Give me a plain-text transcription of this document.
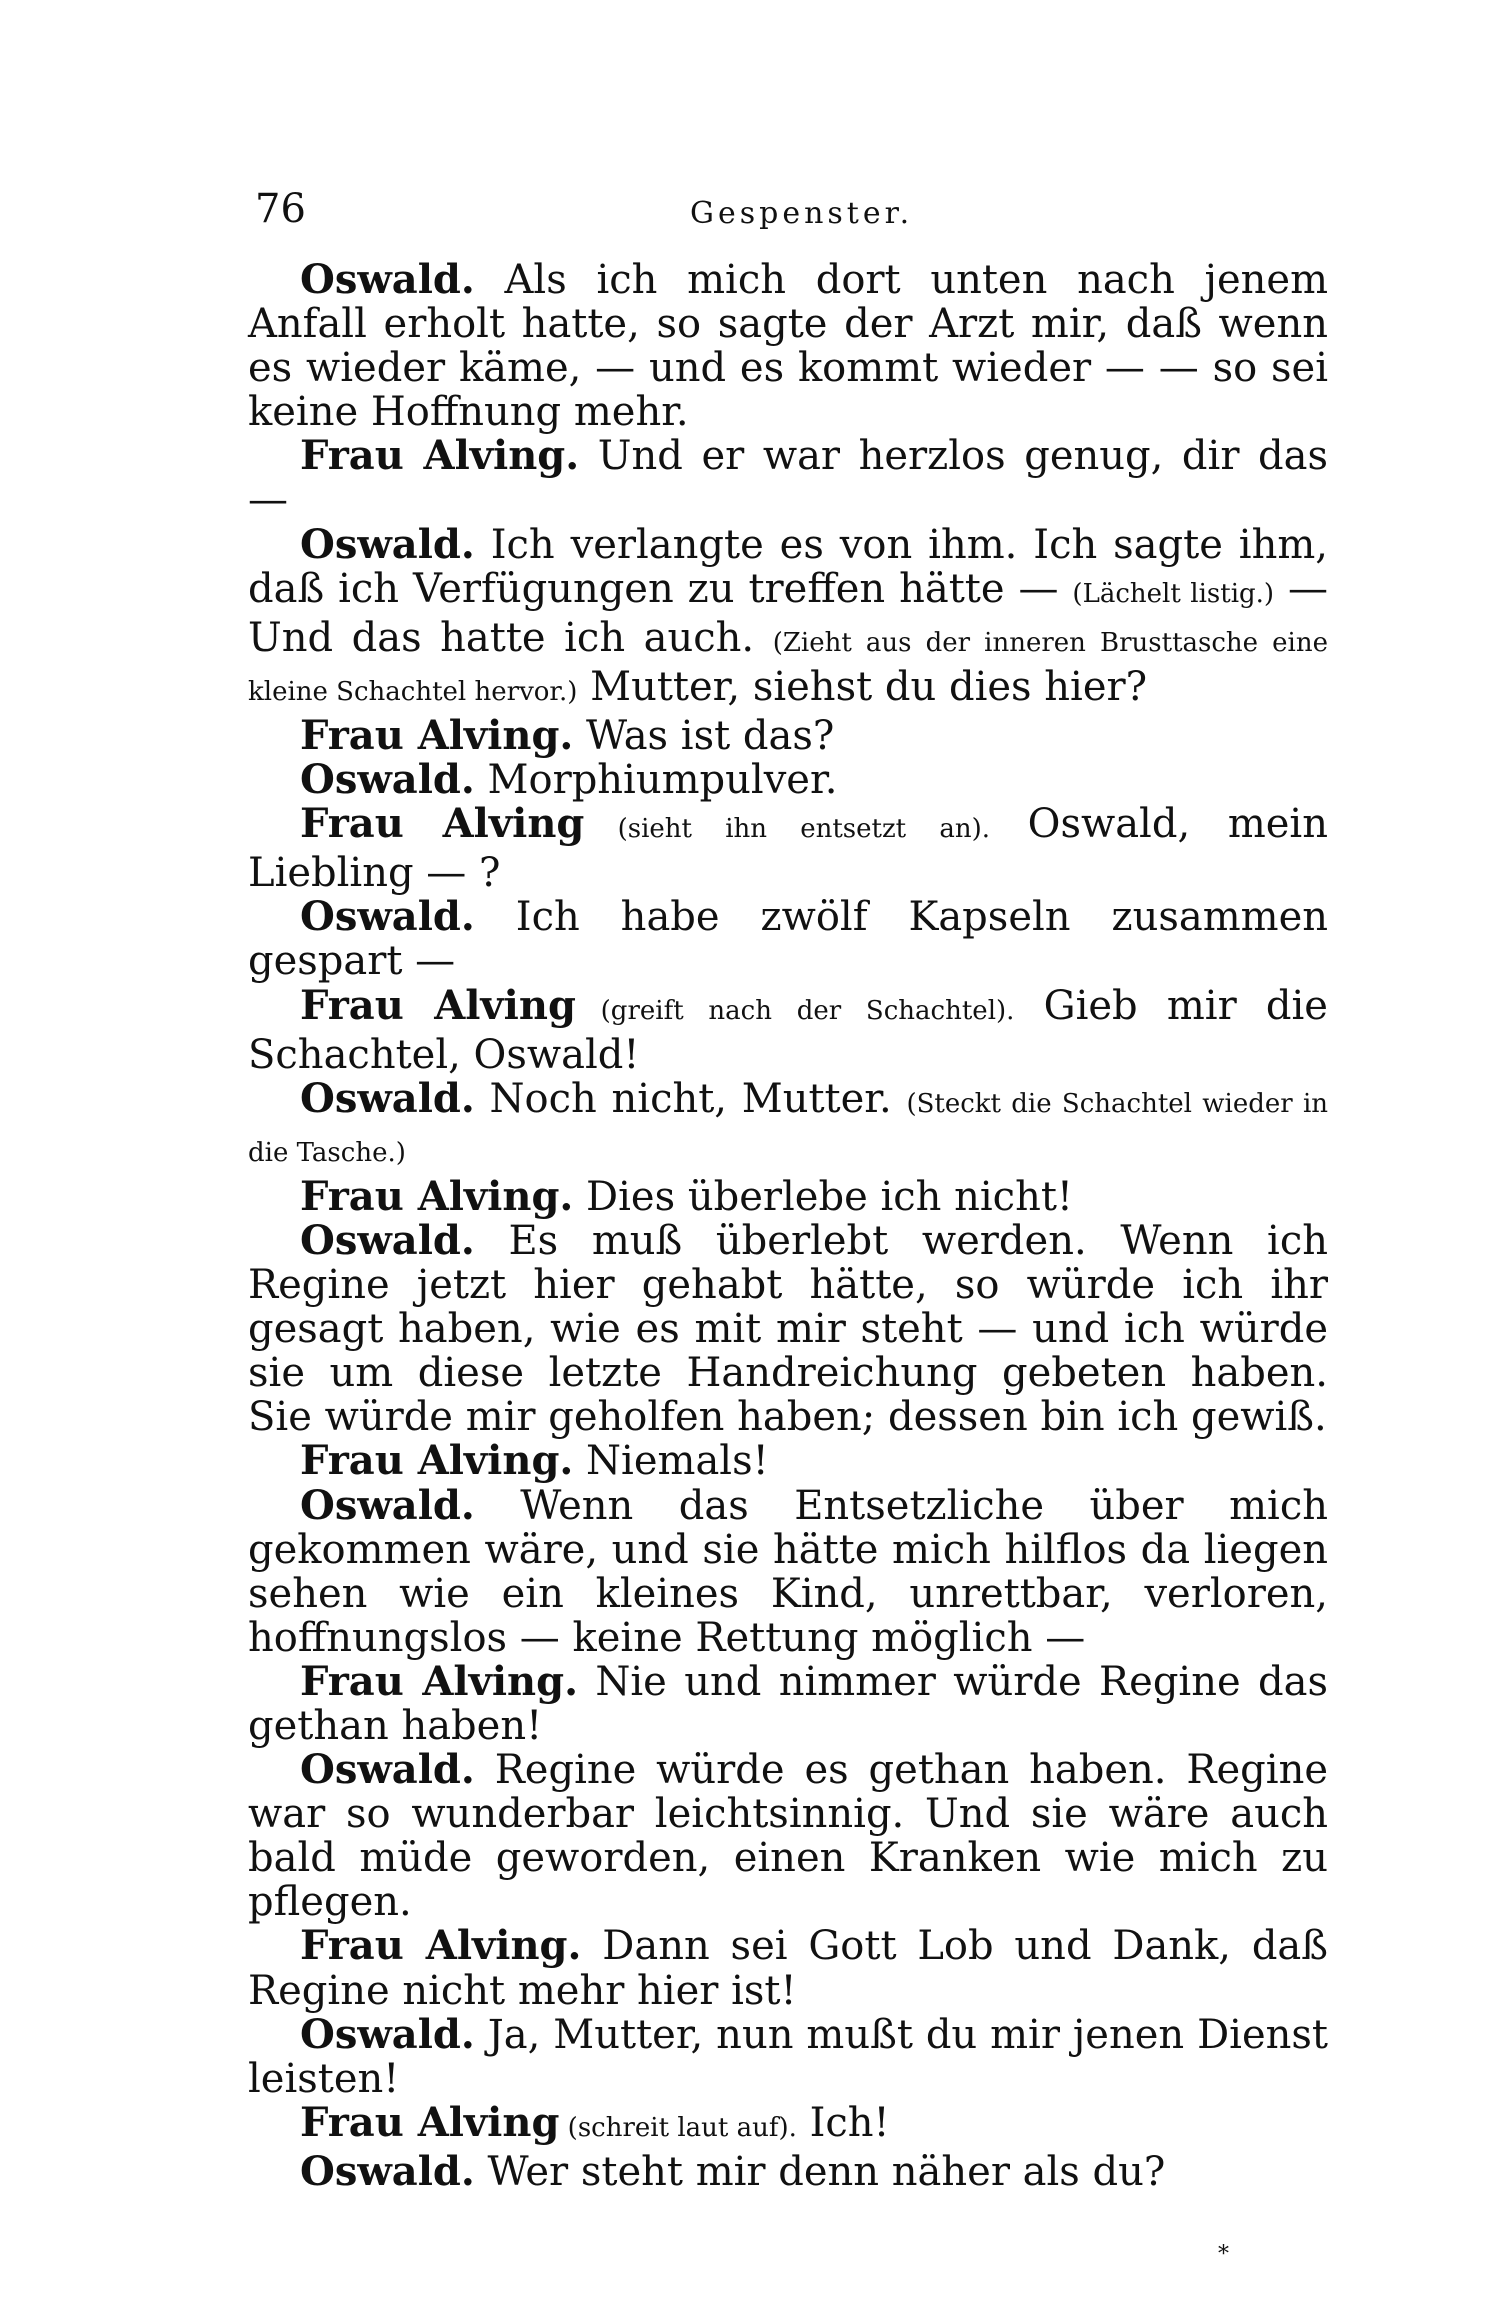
76	Gespenster.

Oswald. Als ich mich dort unten nach jenem Anfall erholt hatte, so sagte der Arzt mir, daß wenn es wieder käme, — und es kommt wieder — — so sei keine Hoffnung mehr.

Frau Alving. Und er war herzlos genug, dir das —

Oswald. Ich verlangte es von ihm. Ich sagte ihm, daß ich Verfügungen zu treffen hätte — (Lächelt listig.) — Und das hatte ich auch. (Zieht aus der inneren Brusttasche eine kleine Schachtel hervor.) Mutter, siehst du dies hier?

Frau Alving. Was ist das?

Oswald. Morphiumpulver.

Frau Alving (sieht ihn entsetzt an). Oswald, mein Liebling — ?

Oswald. Ich habe zwölf Kapseln zusammen gespart —

Frau Alving (greift nach der Schachtel). Gieb mir die Schachtel, Oswald!

Oswald. Noch nicht, Mutter. (Steckt die Schachtel wieder in die Tasche.)

Frau Alving. Dies überlebe ich nicht!

Oswald. Es muß überlebt werden. Wenn ich Regine jetzt hier gehabt hätte, so würde ich ihr gesagt haben, wie es mit mir steht — und ich würde sie um diese letzte Handreichung gebeten haben. Sie würde mir geholfen haben; dessen bin ich gewiß.

Frau Alving. Niemals!

Oswald. Wenn das Entsetzliche über mich gekommen wäre, und sie hätte mich hilflos da liegen sehen wie ein kleines Kind, unrettbar, verloren, hoffnungslos — keine Rettung möglich —

Frau Alving. Nie und nimmer würde Regine das gethan haben!

Oswald. Regine würde es gethan haben. Regine war so wunderbar leichtsinnig. Und sie wäre auch bald müde geworden, einen Kranken wie mich zu pflegen.

Frau Alving. Dann sei Gott Lob und Dank, daß Regine nicht mehr hier ist!

Oswald. Ja, Mutter, nun mußt du mir jenen Dienst leisten!

Frau Alving (schreit laut auf). Ich!

Oswald. Wer steht mir denn näher als du?

*
